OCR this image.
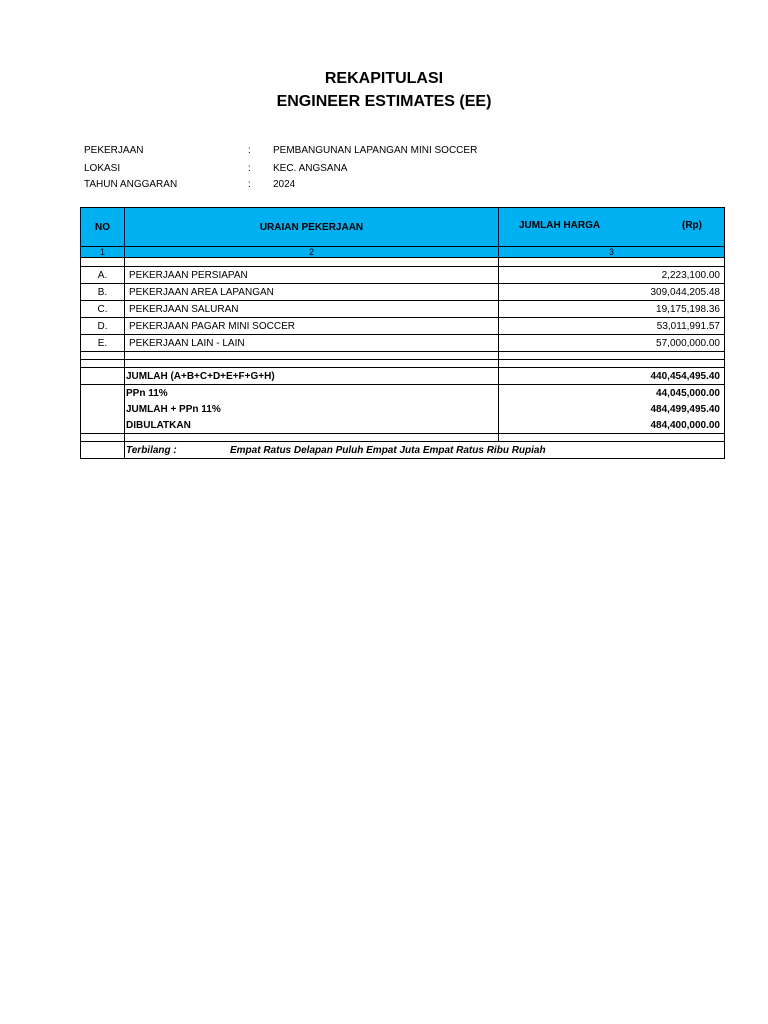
REKAPITULASI
ENGINEER ESTIMATES (EE)
PEKERJAAN	: PEMBANGUNAN LAPANGAN MINI SOCCER
LOKASI	: KEC. ANGSANA
TAHUN ANGGARAN	: 2024
NO	URAIAN PEKERJAAN	JUMLAH HARGA (Rp)

1	2	3

A.	PEKERJAAN PERSIAPAN	2,223,100.00
B.	PEKERJAAN AREA LAPANGAN	309,044,205.48
C.	PEKERJAAN SALURAN	19,175,198.36
D.	PEKERJAAN PAGAR MINI SOCCER	53,011,991.57
E.	PEKERJAAN LAIN - LAIN	57,000,000.00

	JUMLAH (A+B+C+D+E+F+G+H)	440,454,495.40
	PPn 11%	44,045,000.00
	JUMLAH + PPn 11%	484,499,495.40
	DIBULATKAN	484,400,000.00

	Terbilang : Empat Ratus Delapan Puluh Empat Juta Empat Ratus Ribu Rupiah	
